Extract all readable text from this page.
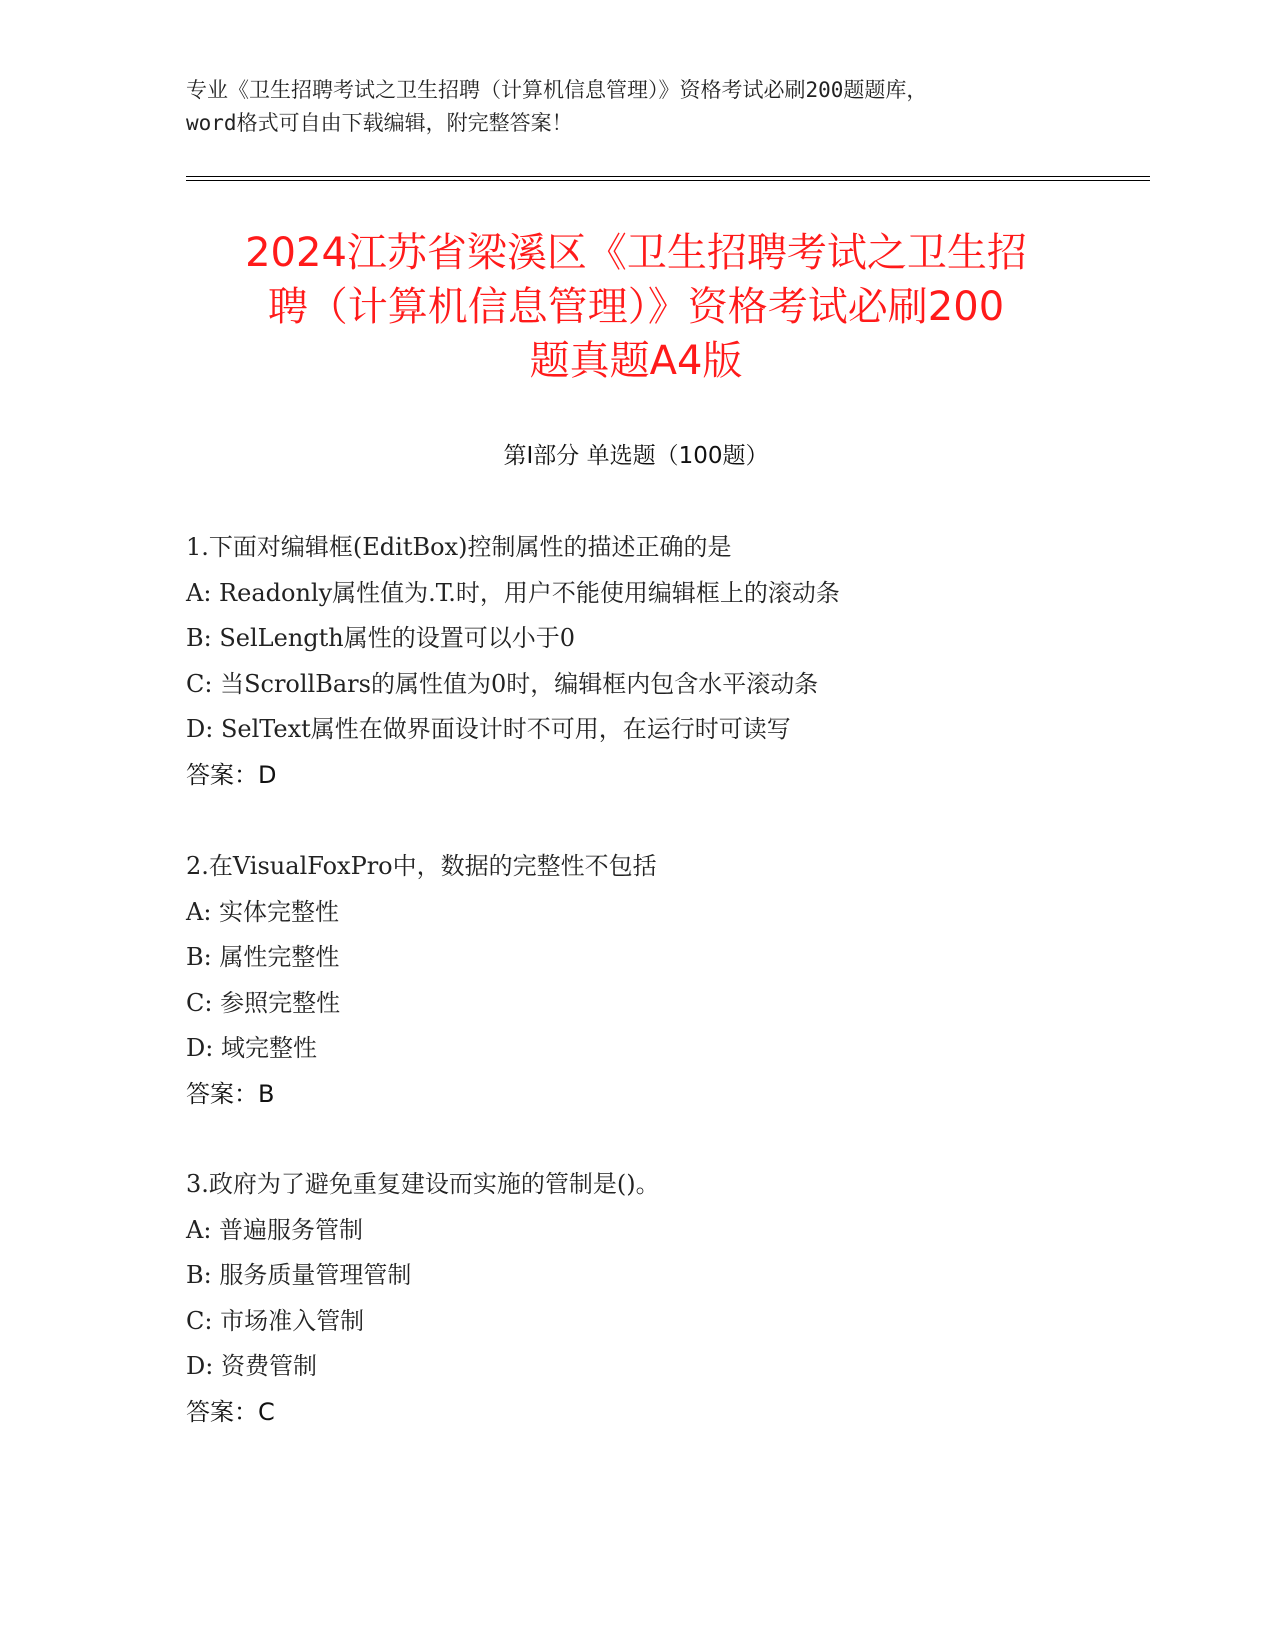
专业《卫生招聘考试之卫生招聘（计算机信息管理）》资格考试必刷200题题库，
word格式可自由下载编辑，附完整答案！
2024江苏省梁溪区《卫生招聘考试之卫生招
聘（计算机信息管理）》资格考试必刷200
题真题A4版
第I部分 单选题（100题）
1.下面对编辑框(EditBox)控制属性的描述正确的是
A: Readonly属性值为.T.时，用户不能使用编辑框上的滚动条
B: SelLength属性的设置可以小于0
C: 当ScrollBars的属性值为0时，编辑框内包含水平滚动条
D: SelText属性在做界面设计时不可用，在运行时可读写
答案：D
2.在VisualFoxPro中，数据的完整性不包括
A: 实体完整性
B: 属性完整性
C: 参照完整性
D: 域完整性
答案：B
3.政府为了避免重复建设而实施的管制是()。
A: 普遍服务管制
B: 服务质量管理管制
C: 市场准入管制
D: 资费管制
答案：C
